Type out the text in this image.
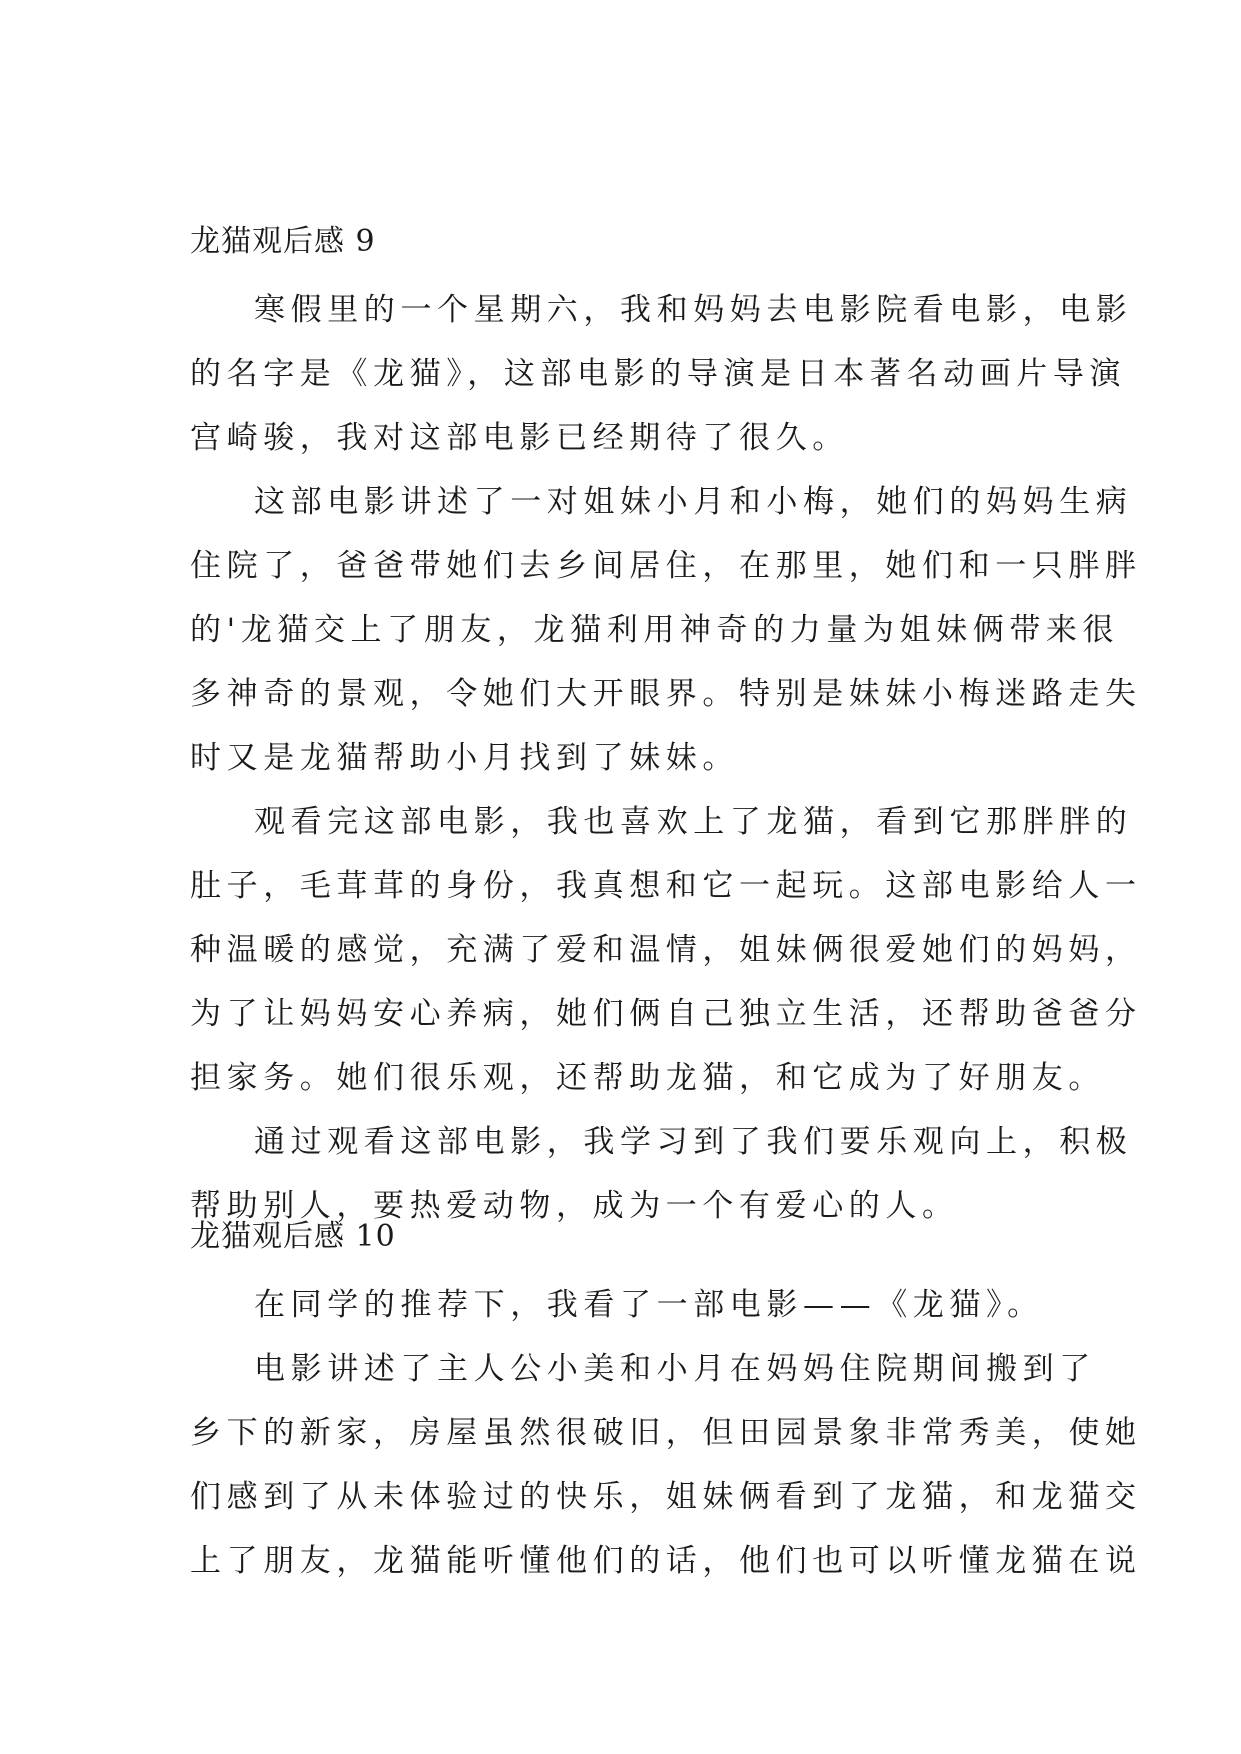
龙猫观后感 9
寒假里的一个星期六，我和妈妈去电影院看电影，电影
的名字是《龙猫》，这部电影的导演是日本著名动画片导演
宫崎骏，我对这部电影已经期待了很久。
这部电影讲述了一对姐妹小月和小梅，她们的妈妈生病
住院了，爸爸带她们去乡间居住，在那里，她们和一只胖胖
的'龙猫交上了朋友，龙猫利用神奇的力量为姐妹俩带来很
多神奇的景观，令她们大开眼界。特别是妹妹小梅迷路走失
时又是龙猫帮助小月找到了妹妹。
观看完这部电影，我也喜欢上了龙猫，看到它那胖胖的
肚子，毛茸茸的身份，我真想和它一起玩。这部电影给人一
种温暖的感觉，充满了爱和温情，姐妹俩很爱她们的妈妈，
为了让妈妈安心养病，她们俩自己独立生活，还帮助爸爸分
担家务。她们很乐观，还帮助龙猫，和它成为了好朋友。
通过观看这部电影，我学习到了我们要乐观向上，积极
帮助别人，要热爱动物，成为一个有爱心的人。
龙猫观后感 10
在同学的推荐下，我看了一部电影——《龙猫》。
电影讲述了主人公小美和小月在妈妈住院期间搬到了
乡下的新家，房屋虽然很破旧，但田园景象非常秀美，使她
们感到了从未体验过的快乐，姐妹俩看到了龙猫，和龙猫交
上了朋友，龙猫能听懂他们的话，他们也可以听懂龙猫在说
